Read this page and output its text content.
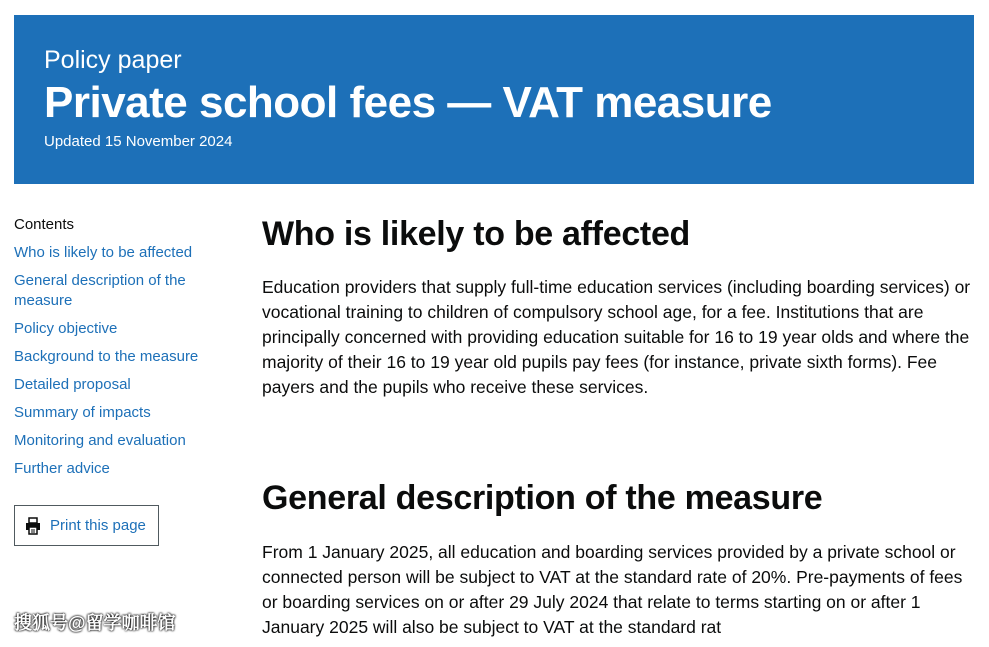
Policy paper
Private school fees — VAT measure
Updated 15 November 2024
Contents
Who is likely to be affected
General description of the measure
Policy objective
Background to the measure
Detailed proposal
Summary of impacts
Monitoring and evaluation
Further advice
Print this page
Who is likely to be affected

Education providers that supply full-time education services (including boarding services) or vocational training to children of compulsory school age, for a fee. Institutions that are principally concerned with providing education suitable for 16 to 19 year olds and where the majority of their 16 to 19 year old pupils pay fees (for instance, private sixth forms). Fee payers and the pupils who receive these services.

General description of the measure

From 1 January 2025, all education and boarding services provided by a private school or connected person will be subject to VAT at the standard rate of 20%. Pre-payments of fees or boarding services on or after 29 July 2024 that relate to terms starting on or after 1 January 2025 will also be subject to VAT at the standard rat

搜狐号@留学咖啡馆
